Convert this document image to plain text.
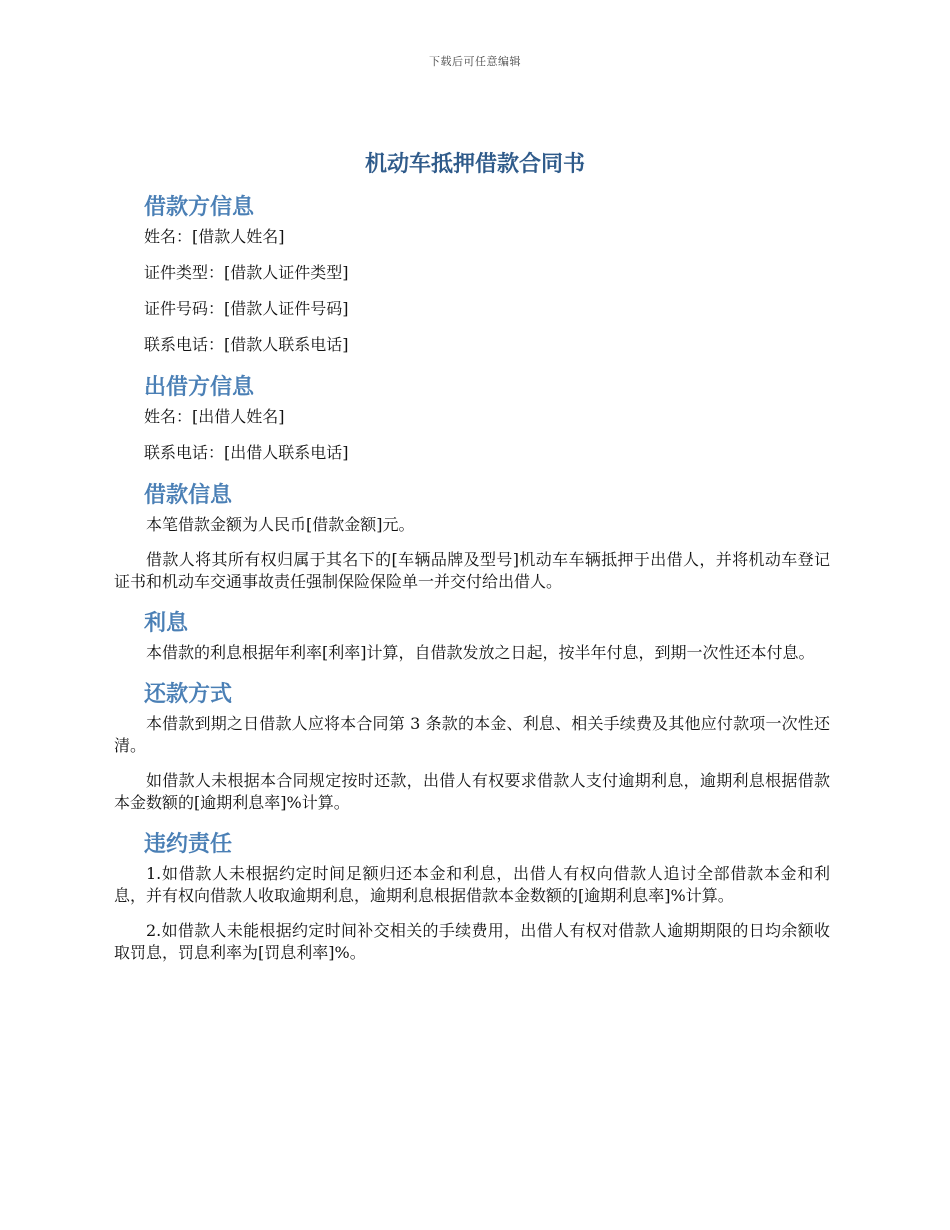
下载后可任意编辑
机动车抵押借款合同书
借款方信息

姓名：[借款人姓名]

证件类型：[借款人证件类型]

证件号码：[借款人证件号码]

联系电话：[借款人联系电话]

出借方信息

姓名：[出借人姓名]

联系电话：[出借人联系电话]

借款信息

本笔借款金额为人民币[借款金额]元。

借款人将其所有权归属于其名下的[车辆品牌及型号]机动车车辆抵押于出借人，并将机动车登记证书和机动车交通事故责任强制保险保险单一并交付给出借人。

利息

本借款的利息根据年利率[利率]计算，自借款发放之日起，按半年付息，到期一次性还本付息。

还款方式

本借款到期之日借款人应将本合同第 3 条款的本金、利息、相关手续费及其他应付款项一次性还清。

如借款人未根据本合同规定按时还款，出借人有权要求借款人支付逾期利息，逾期利息根据借款本金数额的[逾期利息率]%计算。

违约责任

1.如借款人未根据约定时间足额归还本金和利息，出借人有权向借款人追讨全部借款本金和利息，并有权向借款人收取逾期利息，逾期利息根据借款本金数额的[逾期利息率]%计算。

2.如借款人未能根据约定时间补交相关的手续费用，出借人有权对借款人逾期期限的日均余额收取罚息，罚息利率为[罚息利率]%。
